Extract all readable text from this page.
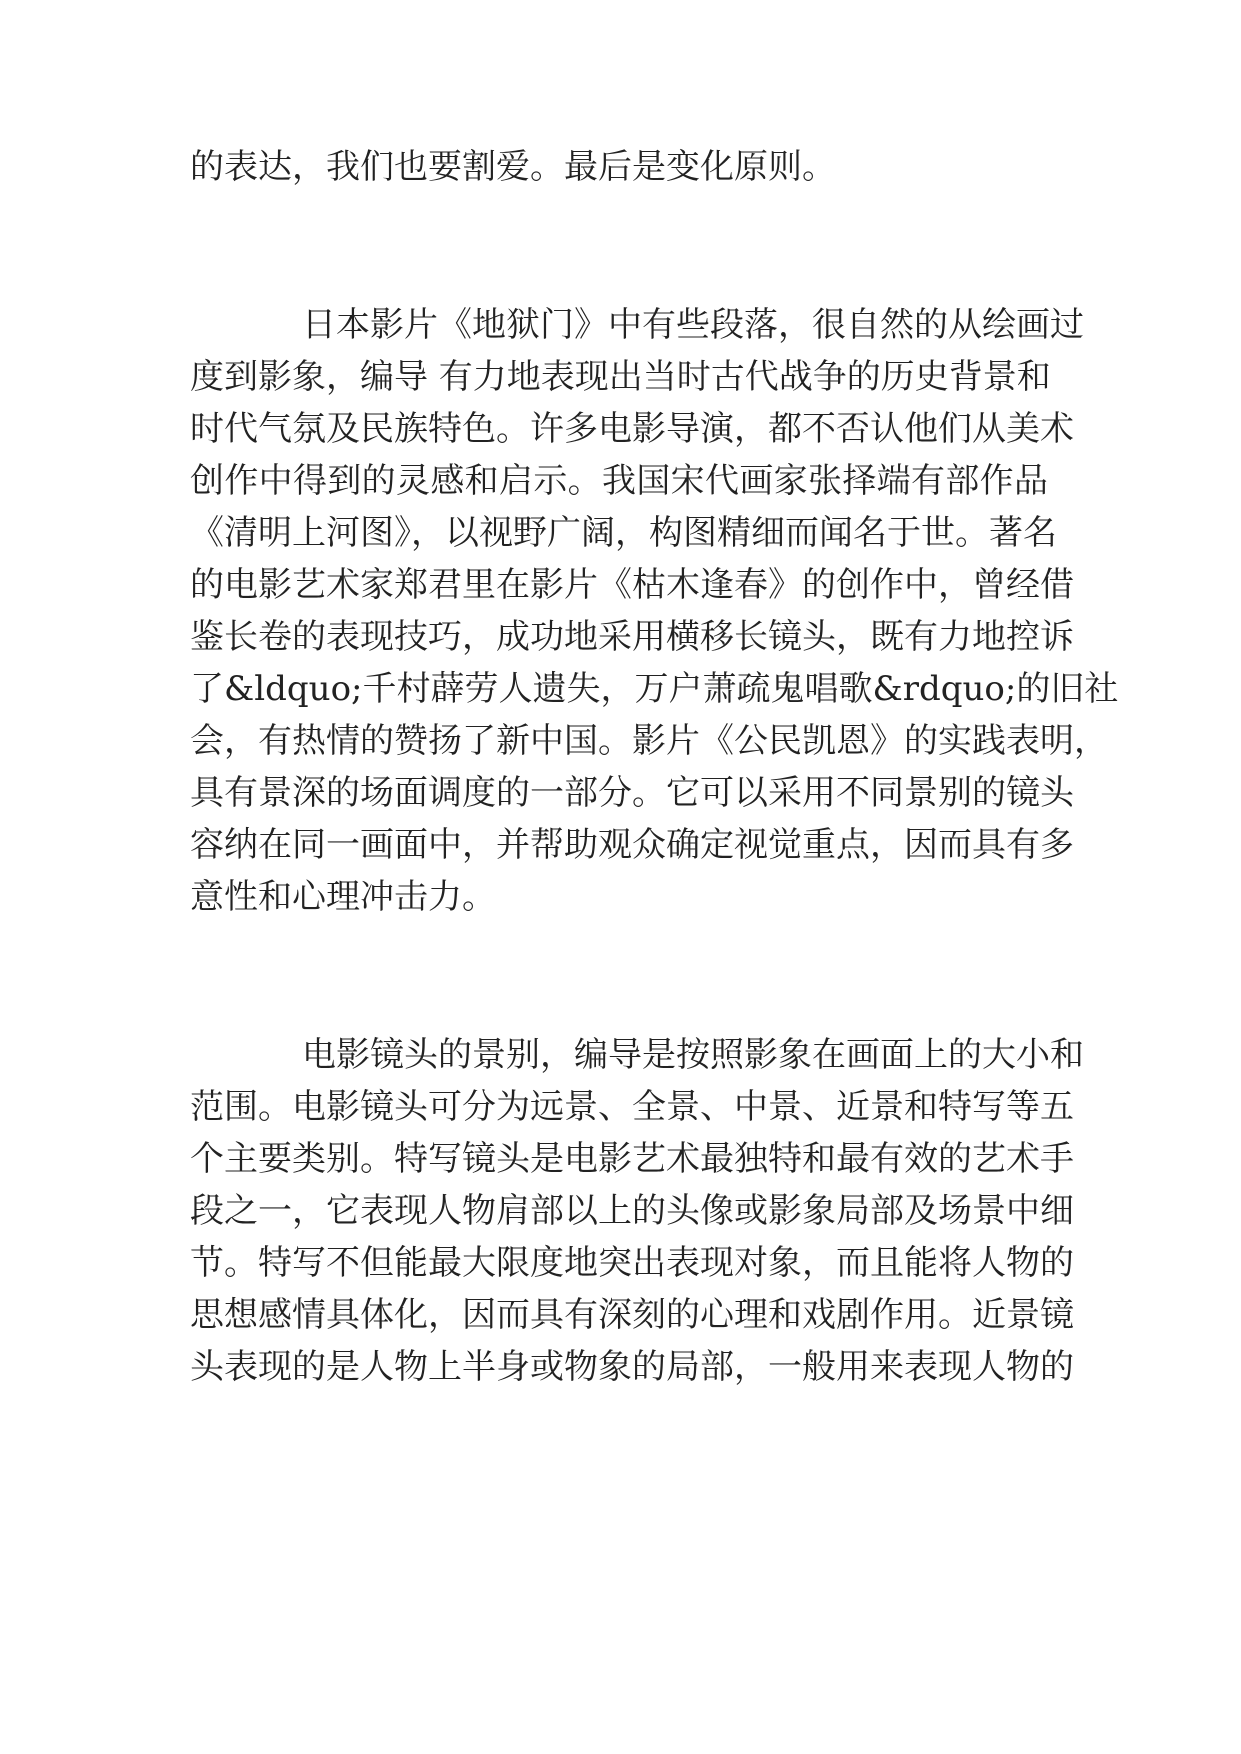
的表达，我们也要割爱。最后是变化原则。
日本影片《地狱门》中有些段落，很自然的从绘画过
度到影象，编导 有力地表现出当时古代战争的历史背景和
时代气氛及民族特色。许多电影导演，都不否认他们从美术
创作中得到的灵感和启示。我国宋代画家张择端有部作品
《清明上河图》，以视野广阔，构图精细而闻名于世。著名
的电影艺术家郑君里在影片《枯木逢春》的创作中，曾经借
鉴长卷的表现技巧，成功地采用横移长镜头，既有力地控诉
了&ldquo;千村薜劳人遗失，万户萧疏鬼唱歌&rdquo;的旧社
会，有热情的赞扬了新中国。影片《公民凯恩》的实践表明，
具有景深的场面调度的一部分。它可以采用不同景别的镜头
容纳在同一画面中，并帮助观众确定视觉重点，因而具有多
意性和心理冲击力。
电影镜头的景别，编导是按照影象在画面上的大小和
范围。电影镜头可分为远景、全景、中景、近景和特写等五
个主要类别。特写镜头是电影艺术最独特和最有效的艺术手
段之一，它表现人物肩部以上的头像或影象局部及场景中细
节。特写不但能最大限度地突出表现对象，而且能将人物的
思想感情具体化，因而具有深刻的心理和戏剧作用。近景镜
头表现的是人物上半身或物象的局部，一般用来表现人物的
